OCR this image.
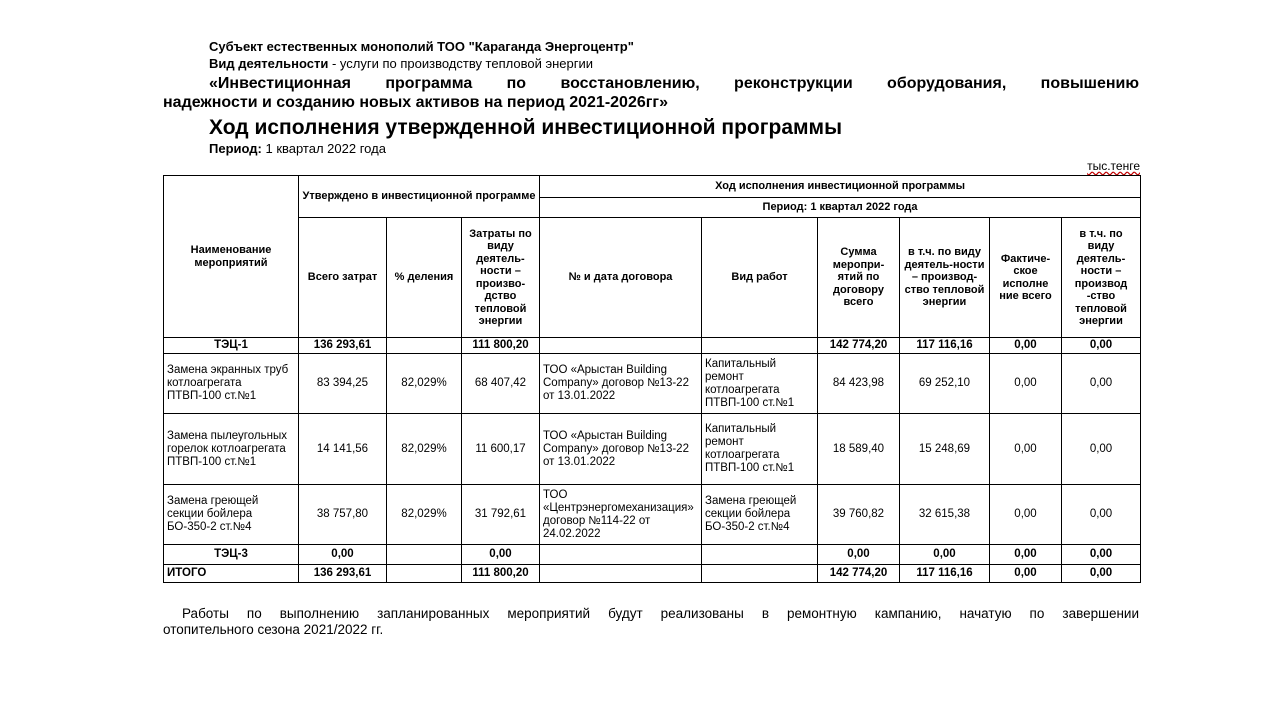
Субъект естественных монополий ТОО "Караганда Энергоцентр"
Вид деятельности - услуги по производству тепловой энергии
«Инвестиционная программа по восстановлению, реконструкции оборудования, повышению
надежности и созданию новых активов на период 2021-2026гг»
Ход исполнения утвержденной инвестиционной программы
Период: 1 квартал 2022 года
тыс.тенге
Наименование мероприятий	Утверждено в инвестиционной программе			Ход исполнения инвестиционной программы					
				Период: 1 квартал 2022 года					
	Всего затрат	% деления	Затраты по виду деятель-ности – произво-дство тепловой энергии	№ и дата договора	Вид работ	Сумма меропри-ятий по договору всего	в т.ч. по виду деятель-ности – производ-ство тепловой энергии	Фактиче-ское исполне ние всего	в т.ч. по виду деятель-ности – производ -ство тепловой энергии
ТЭЦ-1	136 293,61		111 800,20			142 774,20	117 116,16	0,00	0,00
Замена экранных труб котлоагрегата ПТВП-100 ст.№1	83 394,25	82,029%	68 407,42	ТОО «Арыстан Building Company» договор №13-22 от 13.01.2022	Капитальный ремонт котлоагрегата ПТВП-100 ст.№1	84 423,98	69 252,10	0,00	0,00
Замена пылеугольных горелок котлоагрегата ПТВП-100 ст.№1	14 141,56	82,029%	11 600,17	ТОО «Арыстан Building Company» договор №13-22 от 13.01.2022	Капитальный ремонт котлоагрегата ПТВП-100 ст.№1	18 589,40	15 248,69	0,00	0,00
Замена греющей секции бойлера БО-350-2 ст.№4	38 757,80	82,029%	31 792,61	ТОО «Центрэнергомеханизация» договор №114-22 от 24.02.2022	Замена греющей секции бойлера БО-350-2 ст.№4	39 760,82	32 615,38	0,00	0,00
ТЭЦ-3	0,00		0,00			0,00	0,00	0,00	0,00
ИТОГО	136 293,61		111 800,20			142 774,20	117 116,16	0,00	0,00
Работы по выполнению запланированных мероприятий будут реализованы в ремонтную кампанию, начатую по завершении
отопительного сезона 2021/2022 гг.
